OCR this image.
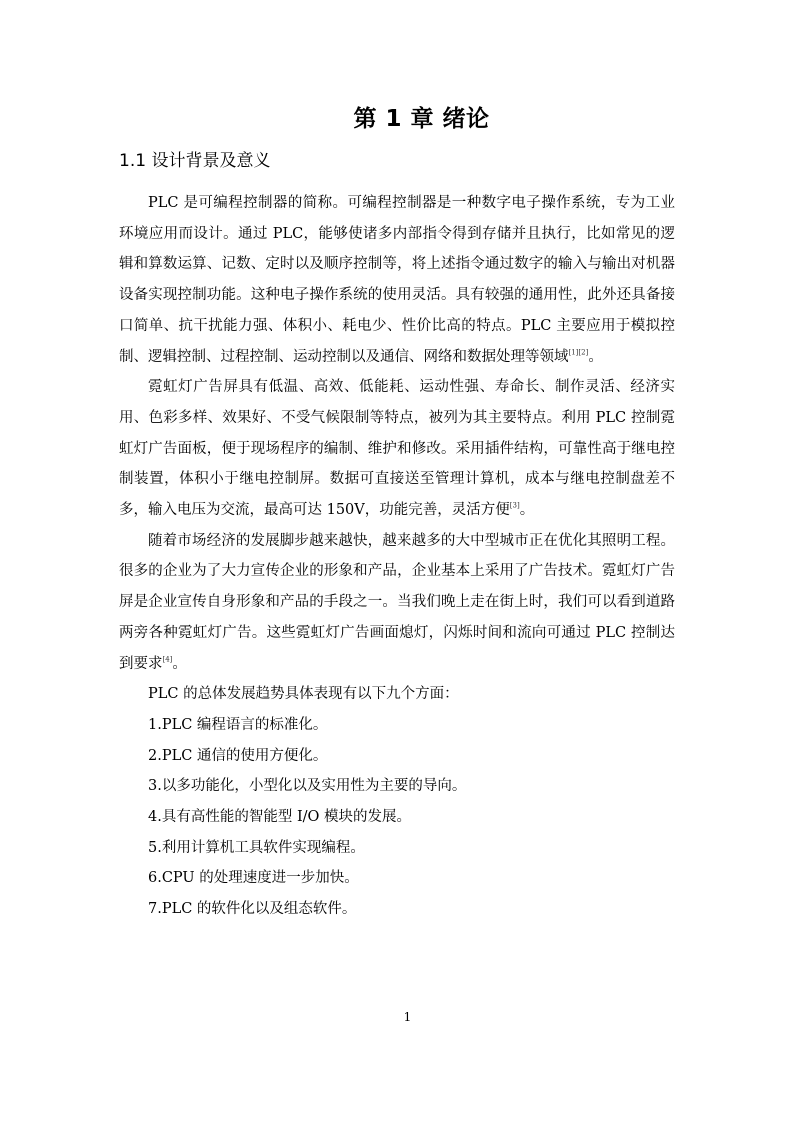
第 1 章 绪论
1.1 设计背景及意义

PLC 是可编程控制器的简称。可编程控制器是一种数字电子操作系统，专为工业环境应用而设计。通过 PLC，能够使诸多内部指令得到存储并且执行，比如常见的逻辑和算数运算、记数、定时以及顺序控制等，将上述指令通过数字的输入与输出对机器设备实现控制功能。这种电子操作系统的使用灵活。具有较强的通用性，此外还具备接口简单、抗干扰能力强、体积小、耗电少、性价比高的特点。PLC 主要应用于模拟控制、逻辑控制、过程控制、运动控制以及通信、网络和数据处理等领域[1][2]。

霓虹灯广告屏具有低温、高效、低能耗、运动性强、寿命长、制作灵活、经济实用、色彩多样、效果好、不受气候限制等特点，被列为其主要特点。利用 PLC 控制霓虹灯广告面板，便于现场程序的编制、维护和修改。采用插件结构，可靠性高于继电控制装置，体积小于继电控制屏。数据可直接送至管理计算机，成本与继电控制盘差不多，输入电压为交流，最高可达 150V，功能完善，灵活方便[3]。

随着市场经济的发展脚步越来越快，越来越多的大中型城市正在优化其照明工程。很多的企业为了大力宣传企业的形象和产品，企业基本上采用了广告技术。霓虹灯广告屏是企业宣传自身形象和产品的手段之一。当我们晚上走在街上时，我们可以看到道路两旁各种霓虹灯广告。这些霓虹灯广告画面熄灯，闪烁时间和流向可通过 PLC 控制达到要求[4]。

PLC 的总体发展趋势具体表现有以下九个方面：

1.PLC 编程语言的标准化。

2.PLC 通信的使用方便化。

3.以多功能化，小型化以及实用性为主要的导向。

4.具有高性能的智能型 I/O 模块的发展。

5.利用计算机工具软件实现编程。

6.CPU 的处理速度进一步加快。

7.PLC 的软件化以及组态软件。

1
